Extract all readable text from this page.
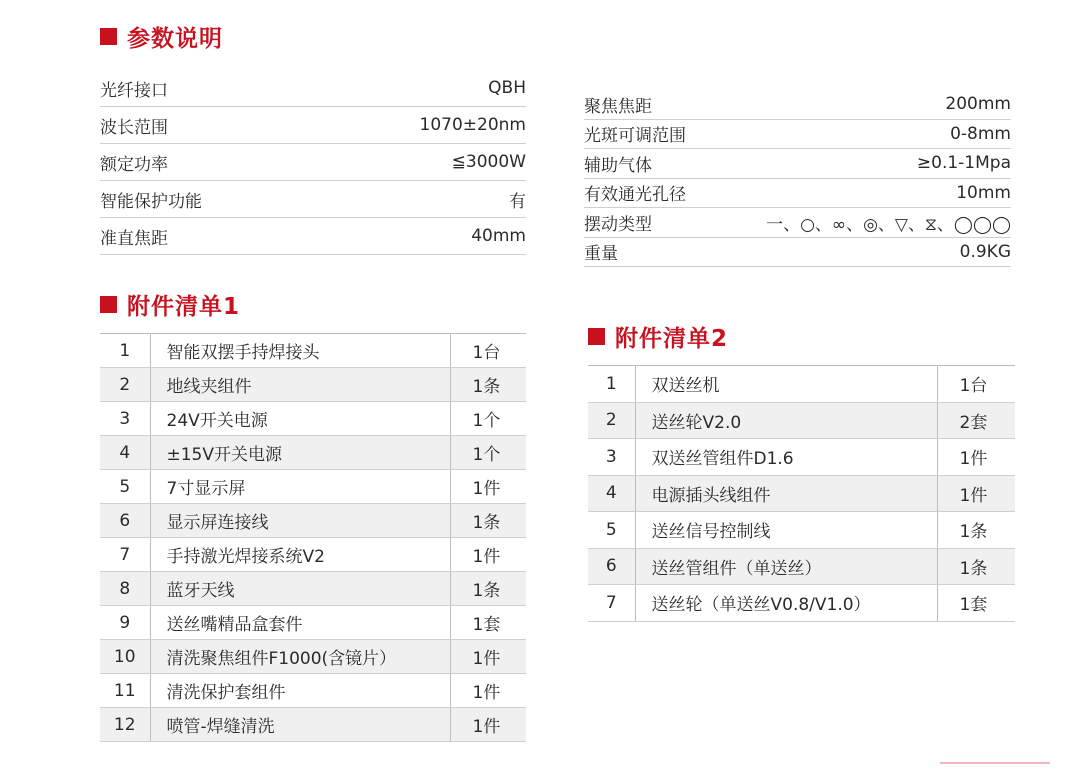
参数说明
光纤接口	QBH
波长范围	1070±20nm
额定功率	≦3000W
智能保护功能	有
准直焦距	40mm
聚焦焦距	200mm
光斑可调范围	0-8mm
辅助气体	≥0.1-1Mpa
有效通光孔径	10mm
摆动类型	一、○、∞、◎、▽、⧖、◯◯◯
重量	0.9KG
附件清单1
1	智能双摆手持焊接头	1台
2	地线夹组件	1条
3	24V开关电源	1个
4	±15V开关电源	1个
5	7寸显示屏	1件
6	显示屏连接线	1条
7	手持激光焊接系统V2	1件
8	蓝牙天线	1条
9	送丝嘴精品盒套件	1套
10	清洗聚焦组件F1000(含镜片）	1件
11	清洗保护套组件	1件
12	喷管-焊缝清洗	1件
附件清单2
1	双送丝机	1台
2	送丝轮V2.0	2套
3	双送丝管组件D1.6	1件
4	电源插头线组件	1件
5	送丝信号控制线	1条
6	送丝管组件（单送丝）	1条
7	送丝轮（单送丝V0.8/V1.0）	1套
